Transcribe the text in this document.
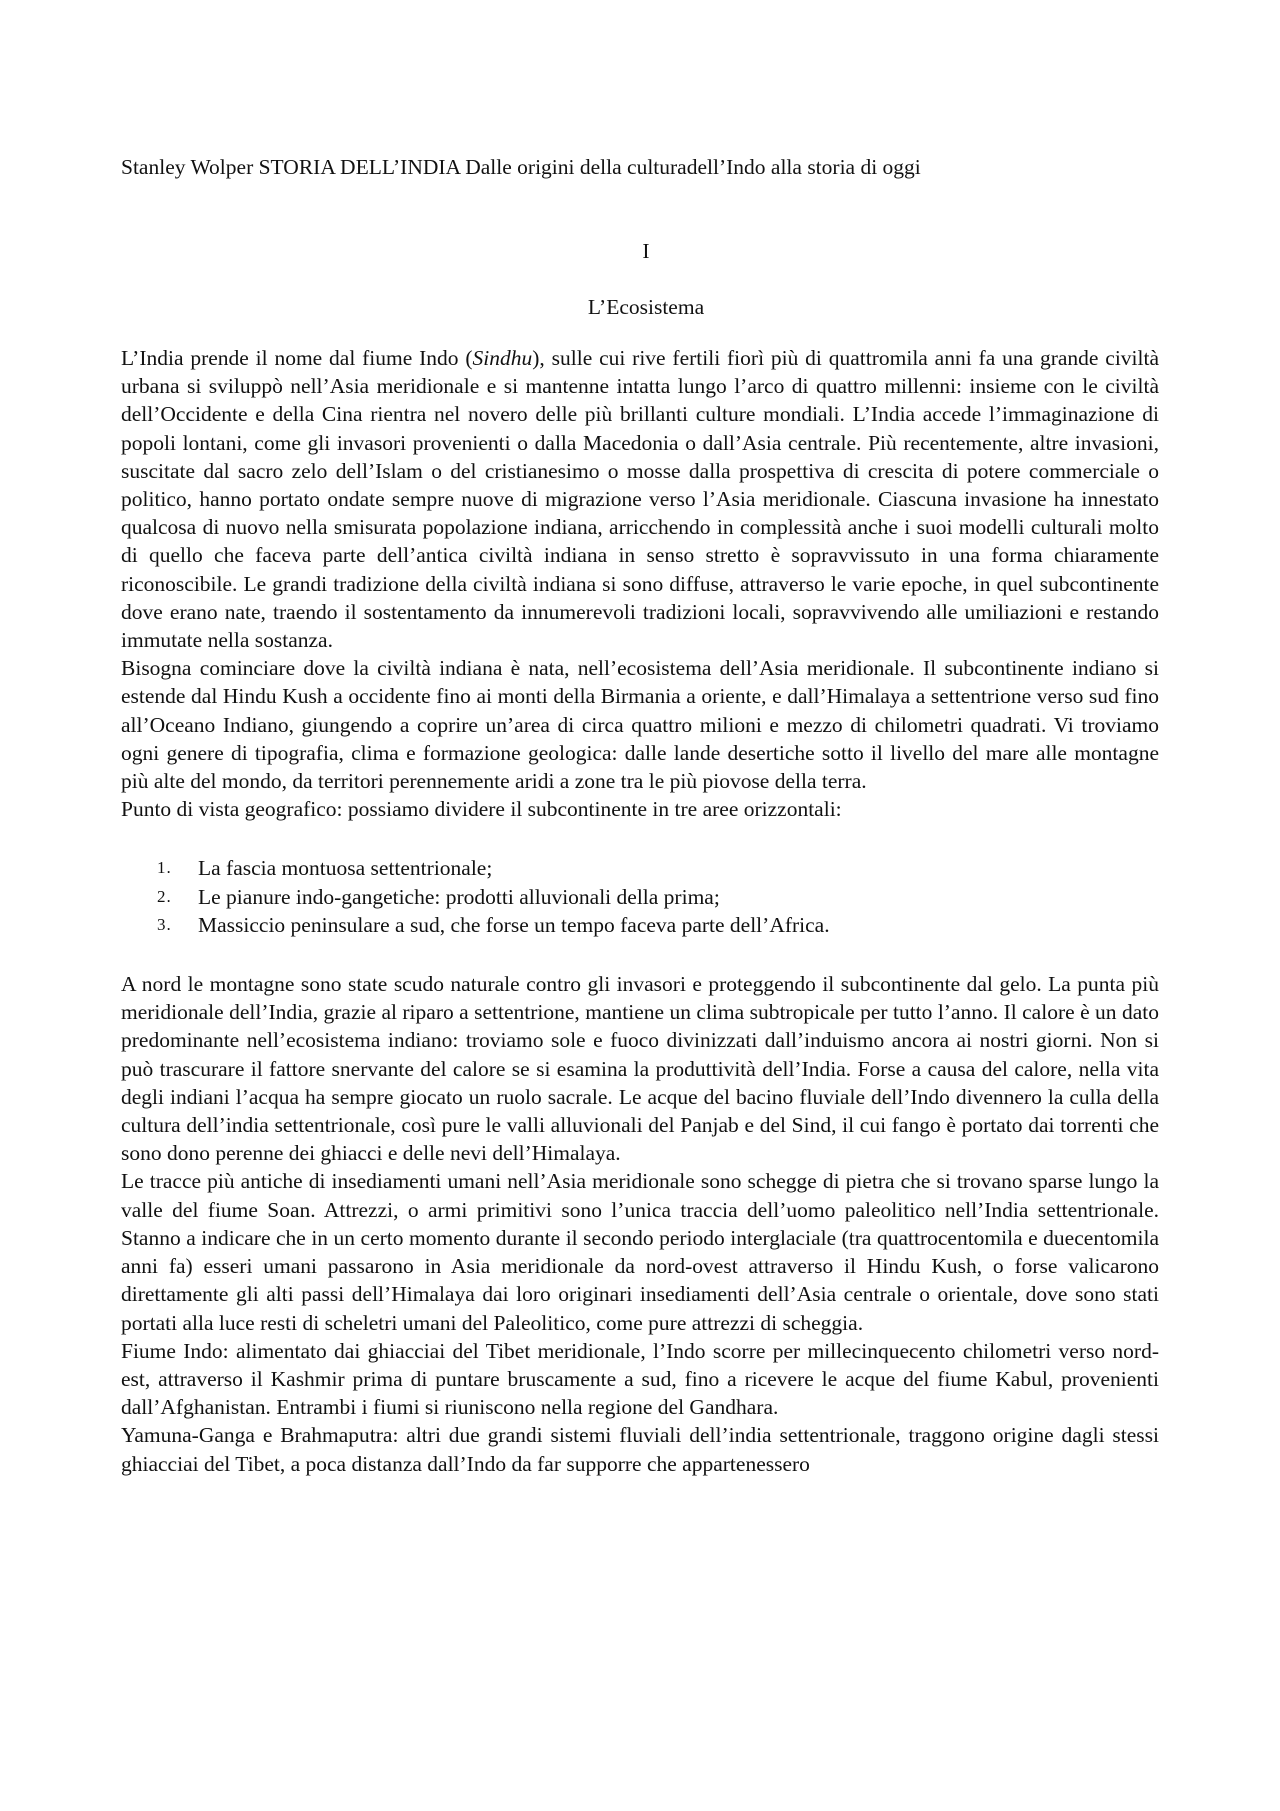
Stanley Wolper STORIA DELL’INDIA Dalle origini della culturadell’Indo alla storia di oggi
I
L’Ecosistema

L’India prende il nome dal fiume Indo (Sindhu), sulle cui rive fertili fiorì più di quattromila anni fa una grande civiltà urbana si sviluppò nell’Asia meridionale e si mantenne intatta lungo l’arco di quattro millenni: insieme con le civiltà dell’Occidente e della Cina rientra nel novero delle più brillanti culture mondiali. L’India accede l’immaginazione di popoli lontani, come gli invasori provenienti o dalla Macedonia o dall’Asia centrale. Più recentemente, altre invasioni, suscitate dal sacro zelo dell’Islam o del cristianesimo o mosse dalla prospettiva di crescita di potere commerciale o politico, hanno portato ondate sempre nuove di migrazione verso l’Asia meridionale. Ciascuna invasione ha innestato qualcosa di nuovo nella smisurata popolazione indiana, arricchendo in complessità anche i suoi modelli culturali molto di quello che faceva parte dell’antica civiltà indiana in senso stretto è sopravvissuto in una forma chiaramente riconoscibile. Le grandi tradizione della civiltà indiana si sono diffuse, attraverso le varie epoche, in quel subcontinente dove erano nate, traendo il sostentamento da innumerevoli tradizioni locali, sopravvivendo alle umiliazioni e restando immutate nella sostanza.

Bisogna cominciare dove la civiltà indiana è nata, nell’ecosistema dell’Asia meridionale. Il subcontinente indiano si estende dal Hindu Kush a occidente fino ai monti della Birmania a oriente, e dall’Himalaya a settentrione verso sud fino all’Oceano Indiano, giungendo a coprire un’area di circa quattro milioni e mezzo di chilometri quadrati. Vi troviamo ogni genere di tipografia, clima e formazione geologica: dalle lande desertiche sotto il livello del mare alle montagne più alte del mondo, da territori perennemente aridi a zone tra le più piovose della terra.

Punto di vista geografico: possiamo dividere il subcontinente in tre aree orizzontali:

1. La fascia montuosa settentrionale;
2. Le pianure indo-gangetiche: prodotti alluvionali della prima;
3. Massiccio peninsulare a sud, che forse un tempo faceva parte dell’Africa.

A nord le montagne sono state scudo naturale contro gli invasori e proteggendo il subcontinente dal gelo. La punta più meridionale dell’India, grazie al riparo a settentrione, mantiene un clima subtropicale per tutto l’anno. Il calore è un dato predominante nell’ecosistema indiano: troviamo sole e fuoco divinizzati dall’induismo ancora ai nostri giorni. Non si può trascurare il fattore snervante del calore se si esamina la produttività dell’India. Forse a causa del calore, nella vita degli indiani l’acqua ha sempre giocato un ruolo sacrale. Le acque del bacino fluviale dell’Indo divennero la culla della cultura dell’india settentrionale, così pure le valli alluvionali del Panjab e del Sind, il cui fango è portato dai torrenti che sono dono perenne dei ghiacci e delle nevi dell’Himalaya.

Le tracce più antiche di insediamenti umani nell’Asia meridionale sono schegge di pietra che si trovano sparse lungo la valle del fiume Soan. Attrezzi, o armi primitivi sono l’unica traccia dell’uomo paleolitico nell’India settentrionale. Stanno a indicare che in un certo momento durante il secondo periodo interglaciale (tra quattrocentomila e duecentomila anni fa) esseri umani passarono in Asia meridionale da nord-ovest attraverso il Hindu Kush, o forse valicarono direttamente gli alti passi dell’Himalaya dai loro originari insediamenti dell’Asia centrale o orientale, dove sono stati portati alla luce resti di scheletri umani del Paleolitico, come pure attrezzi di scheggia.

Fiume Indo: alimentato dai ghiacciai del Tibet meridionale, l’Indo scorre per millecinquecento chilometri verso nord-est, attraverso il Kashmir prima di puntare bruscamente a sud, fino a ricevere le acque del fiume Kabul, provenienti dall’Afghanistan. Entrambi i fiumi si riuniscono nella regione del Gandhara.

Yamuna-Ganga e Brahmaputra: altri due grandi sistemi fluviali dell’india settentrionale, traggono origine dagli stessi ghiacciai del Tibet, a poca distanza dall’Indo da far supporre che appartenessero
